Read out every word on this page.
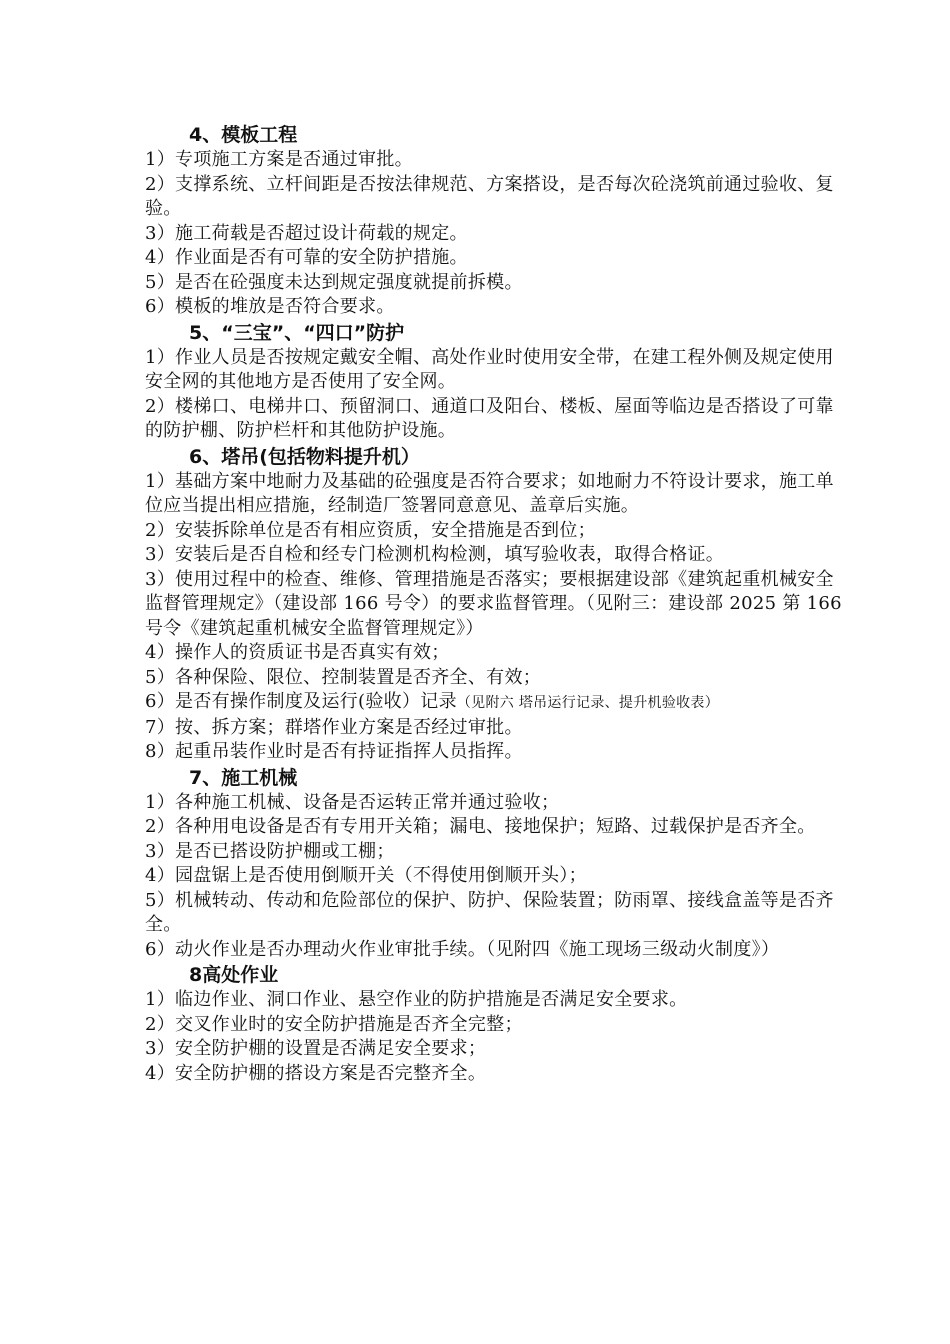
4、模板工程
1）专项施工方案是否通过审批。
2）支撑系统、立杆间距是否按法律规范、方案搭设，是否每次砼浇筑前通过验收、复验。
3）施工荷载是否超过设计荷载的规定。
4）作业面是否有可靠的安全防护措施。
5）是否在砼强度未达到规定强度就提前拆模。
6）模板的堆放是否符合要求。
5、“三宝”、“四口”防护
1）作业人员是否按规定戴安全帽、高处作业时使用安全带，在建工程外侧及规定使用安全网的其他地方是否使用了安全网。
2）楼梯口、电梯井口、预留洞口、通道口及阳台、楼板、屋面等临边是否搭设了可靠的防护棚、防护栏杆和其他防护设施。
6、塔吊(包括物料提升机）
1）基础方案中地耐力及基础的砼强度是否符合要求；如地耐力不符设计要求，施工单位应当提出相应措施，经制造厂签署同意意见、盖章后实施。
2）安装拆除单位是否有相应资质，安全措施是否到位；
3）安装后是否自检和经专门检测机构检测，填写验收表，取得合格证。
3）使用过程中的检查、维修、管理措施是否落实；要根据建设部《建筑起重机械安全监督管理规定》（建设部 166 号令）的要求监督管理。（见附三：建设部 2025 第 166 号令《建筑起重机械安全监督管理规定》）
4）操作人的资质证书是否真实有效；
5）各种保险、限位、控制装置是否齐全、有效；
6）是否有操作制度及运行(验收）记录（见附六 塔吊运行记录、提升机验收表）
7）按、拆方案；群塔作业方案是否经过审批。
8）起重吊装作业时是否有持证指挥人员指挥。
7、施工机械
1）各种施工机械、设备是否运转正常并通过验收；
2）各种用电设备是否有专用开关箱；漏电、接地保护；短路、过载保护是否齐全。
3）是否已搭设防护棚或工棚；
4）园盘锯上是否使用倒顺开关（不得使用倒顺开头）；
5）机械转动、传动和危险部位的保护、防护、保险装置；防雨罩、接线盒盖等是否齐全。
6）动火作业是否办理动火作业审批手续。（见附四《施工现场三级动火制度》）
8高处作业
1）临边作业、洞口作业、悬空作业的防护措施是否满足安全要求。
2）交叉作业时的安全防护措施是否齐全完整；
3）安全防护棚的设置是否满足安全要求；
4）安全防护棚的搭设方案是否完整齐全。
